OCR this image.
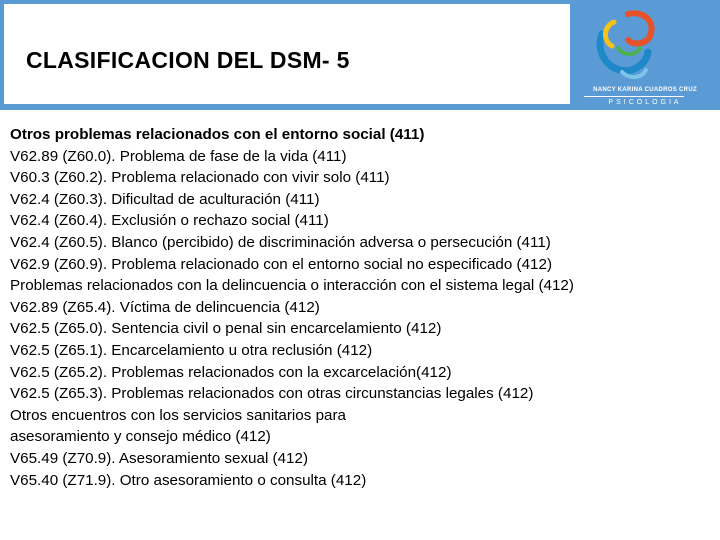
CLASIFICACION DEL DSM- 5
NANCY KARINA CUADROS CRUZ
PSICOLOGIA
Otros problemas relacionados con el entorno social (411)
V62.89 (Z60.0). Problema de fase de la vida (411)
V60.3 (Z60.2). Problema relacionado con vivir solo (411)
V62.4 (Z60.3). Dificultad de aculturación (411)
V62.4 (Z60.4). Exclusión o rechazo social (411)
V62.4 (Z60.5). Blanco (percibido) de discriminación adversa o persecución (411)
V62.9 (Z60.9). Problema relacionado con el entorno social no especificado (412)
Problemas relacionados con la delincuencia o interacción con el sistema legal (412)
V62.89 (Z65.4). Víctima de delincuencia (412)
V62.5 (Z65.0). Sentencia civil o penal sin encarcelamiento (412)
V62.5 (Z65.1). Encarcelamiento u otra reclusión (412)
V62.5 (Z65.2). Problemas relacionados con la excarcelación(412)
V62.5 (Z65.3). Problemas relacionados con otras circunstancias legales (412)
Otros encuentros con los servicios sanitarios para
asesoramiento y consejo médico (412)
V65.49 (Z70.9). Asesoramiento sexual (412)
V65.40 (Z71.9). Otro asesoramiento o consulta (412)
